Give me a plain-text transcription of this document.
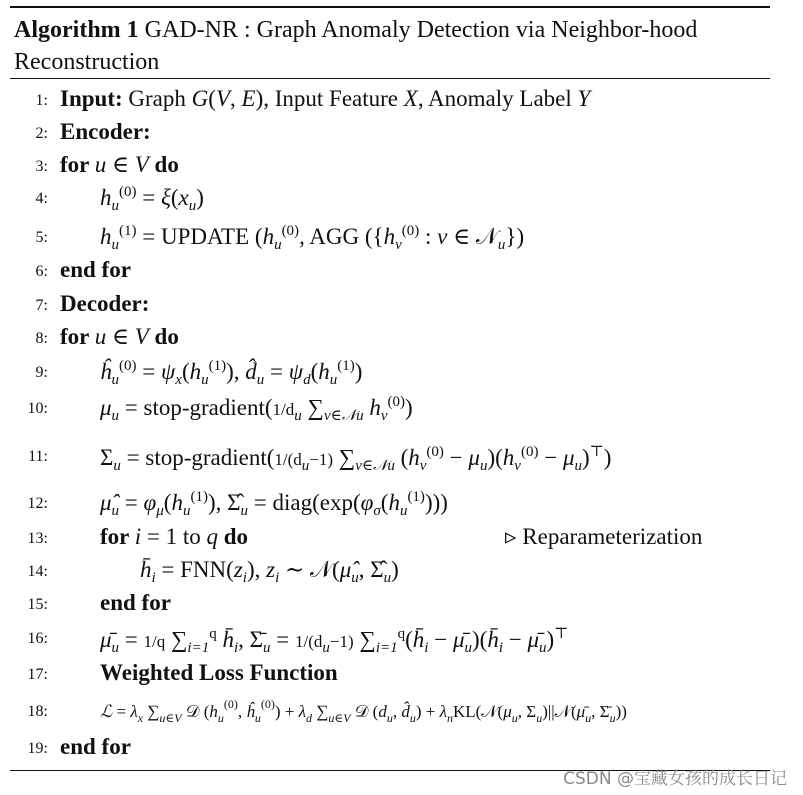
Algorithm 1 GAD-NR : Graph Anomaly Detection via Neighbor-hood Reconstruction
1: Input: Graph G(V, E), Input Feature X, Anomaly Label Y
2: Encoder:
3: for u ∈ V do
4: $h_u^{(0)} = \xi(x_u)$
5: $h_u^{(1)}$ = UPDATE ($h_u^{(0)}$, AGG ({$h_v^{(0)}$ : v ∈ 𝒩$_u$})
6: end for
7: Decoder:
8: for u ∈ V do
9: $ĥ_u^{(0)} = \psi_x(h_u^{(1)})$, $d̂_u = \psi_d(h_u^{(1)})$
10: $\mu_u$ = stop-$gradient(1/d_u$ $\sum_{v\in 𝒩u}$ $h_v^{(0)}$)
11: $\Sigma_u$ = stop-$gradient(1/(d_u-1)$ $\sum_{v\in 𝒩u}$ $(h_v^{(0)} - \mu_u)(h_v^{(0)} - \mu_u)^⊤$)
12: $\mû_u = \varphi_\mu(h_u^{(1)})$, $\Sigmâ_u$ = $diag(\exp(\varphi_\sigma(h_u^{(1)})))$
13: for i = 1 to q do	▹ Reparameterization
14:	$h̄_i = FNN(z_i)$, $z_i$ ∼ $𝒩(\mû_u$, $\Sigmâ_u$)
15: end for
16: $\mū_u = 1/q$ $\sum_{i=1}^q$ $h̄_i$, $\Sigmā_u = 1/(d_u-1)$ $\sum_{i=1}^q(h̄_i$ − $\mū_u)(h̄_i$ − $\mū_u)^⊤$
17: Weighted Loss Function
18:	ℒ = $\lambda_x$ $\sum_{u\in V}$ 𝒟 ($h_u^{(0)}$, $ĥ_u^{(0)}) + \lambda_d$ $\sum_{u\in V}$ 𝒟 ($d_u$, $d̂_u$) + $\lambda_nKL(𝒩(\mu_u$, $\Sigma_u)||𝒩(\mū_u$, $\Sigmā_u$))
19: end for
CSDN @宝藏女孩的成长日记
